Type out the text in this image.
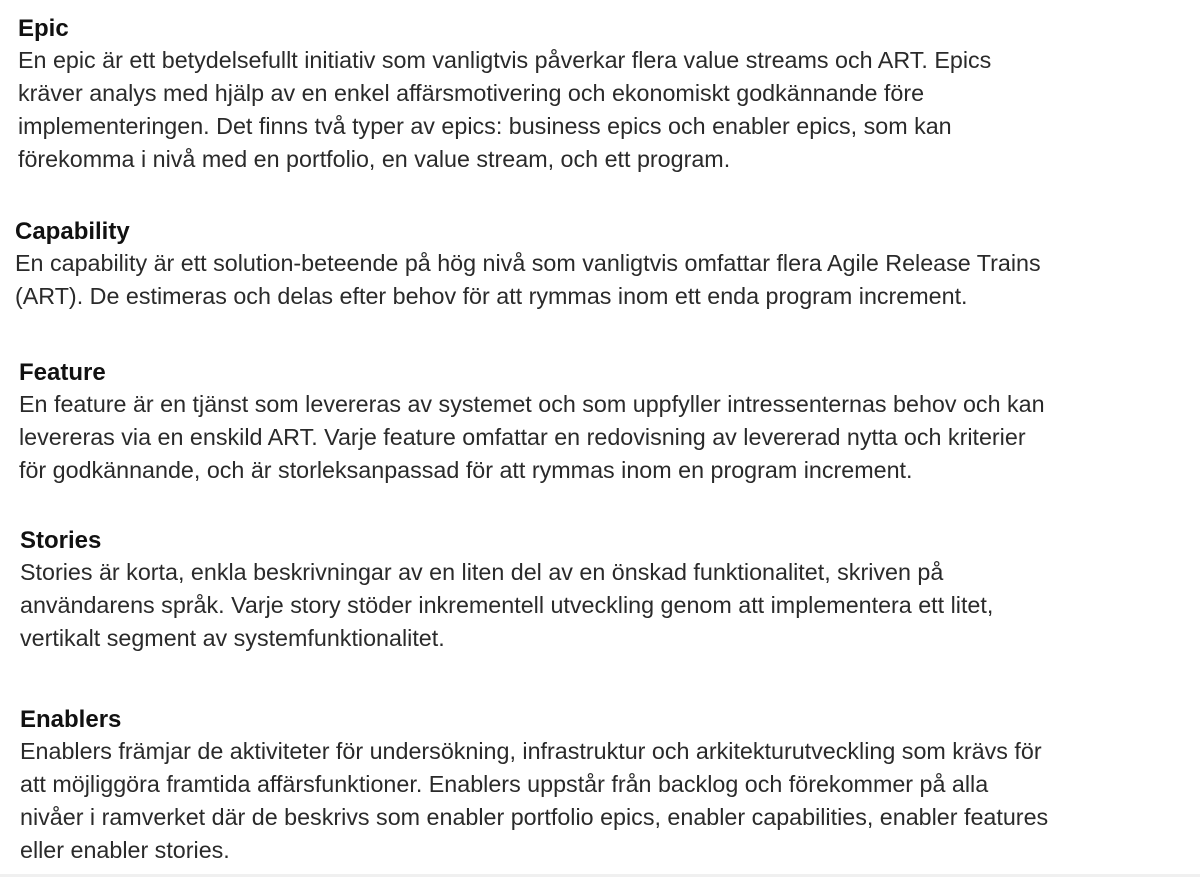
Epic
En epic är ett betydelsefullt initiativ som vanligtvis påverkar flera value streams och ART. Epics
kräver analys med hjälp av en enkel affärsmotivering och ekonomiskt godkännande före
implementeringen. Det finns två typer av epics: business epics och enabler epics, som kan
förekomma i nivå med en portfolio, en value stream, och ett program.
Capability
En capability är ett solution-beteende på hög nivå som vanligtvis omfattar flera Agile Release Trains
(ART). De estimeras och delas efter behov för att rymmas inom ett enda program increment.
Feature
En feature är en tjänst som levereras av systemet och som uppfyller intressenternas behov och kan
levereras via en enskild ART. Varje feature omfattar en redovisning av levererad nytta och kriterier
för godkännande, och är storleksanpassad för att rymmas inom en program increment.
Stories
Stories är korta, enkla beskrivningar av en liten del av en önskad funktionalitet, skriven på
användarens språk. Varje story stöder inkrementell utveckling genom att implementera ett litet,
vertikalt segment av systemfunktionalitet.
Enablers
Enablers främjar de aktiviteter för undersökning, infrastruktur och arkitekturutveckling som krävs för
att möjliggöra framtida affärsfunktioner. Enablers uppstår från backlog och förekommer på alla
nivåer i ramverket där de beskrivs som enabler portfolio epics, enabler capabilities, enabler features
eller enabler stories.
